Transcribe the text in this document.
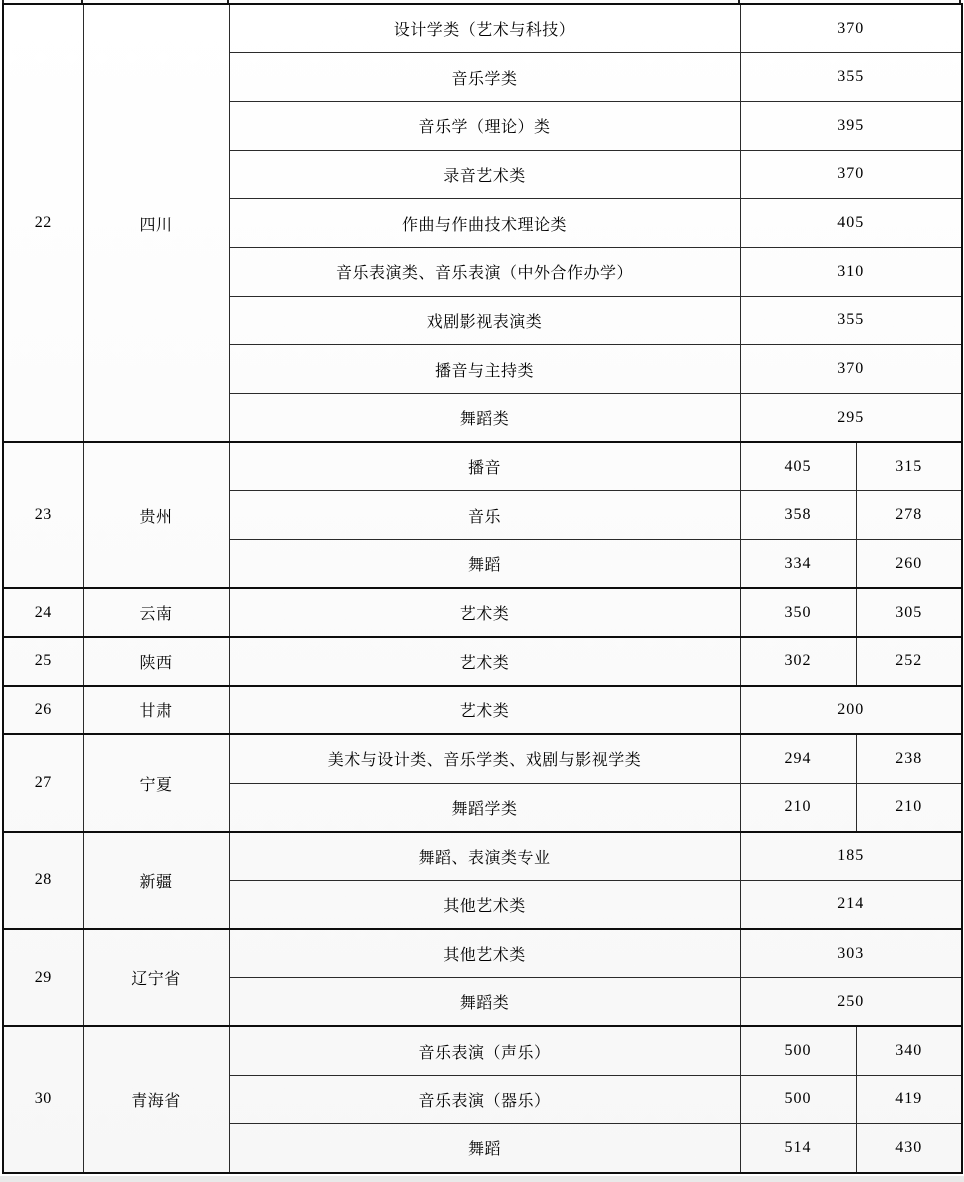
22	四川	设计学类（艺术与科技）	370	
		音乐学类	355	
		音乐学（理论）类	395	
		录音艺术类	370	
		作曲与作曲技术理论类	405	
		音乐表演类、音乐表演（中外合作办学）	310	
		戏剧影视表演类	355	
		播音与主持类	370	
		舞蹈类	295	
23	贵州	播音	405	315
		音乐	358	278
		舞蹈	334	260
24	云南	艺术类	350	305
25	陕西	艺术类	302	252
26	甘肃	艺术类	200	
27	宁夏	美术与设计类、音乐学类、戏剧与影视学类	294	238
		舞蹈学类	210	210
28	新疆	舞蹈、表演类专业	185	
		其他艺术类	214	
29	辽宁省	其他艺术类	303	
		舞蹈类	250	
30	青海省	音乐表演（声乐）	500	340
		音乐表演（器乐）	500	419
		舞蹈	514	430
